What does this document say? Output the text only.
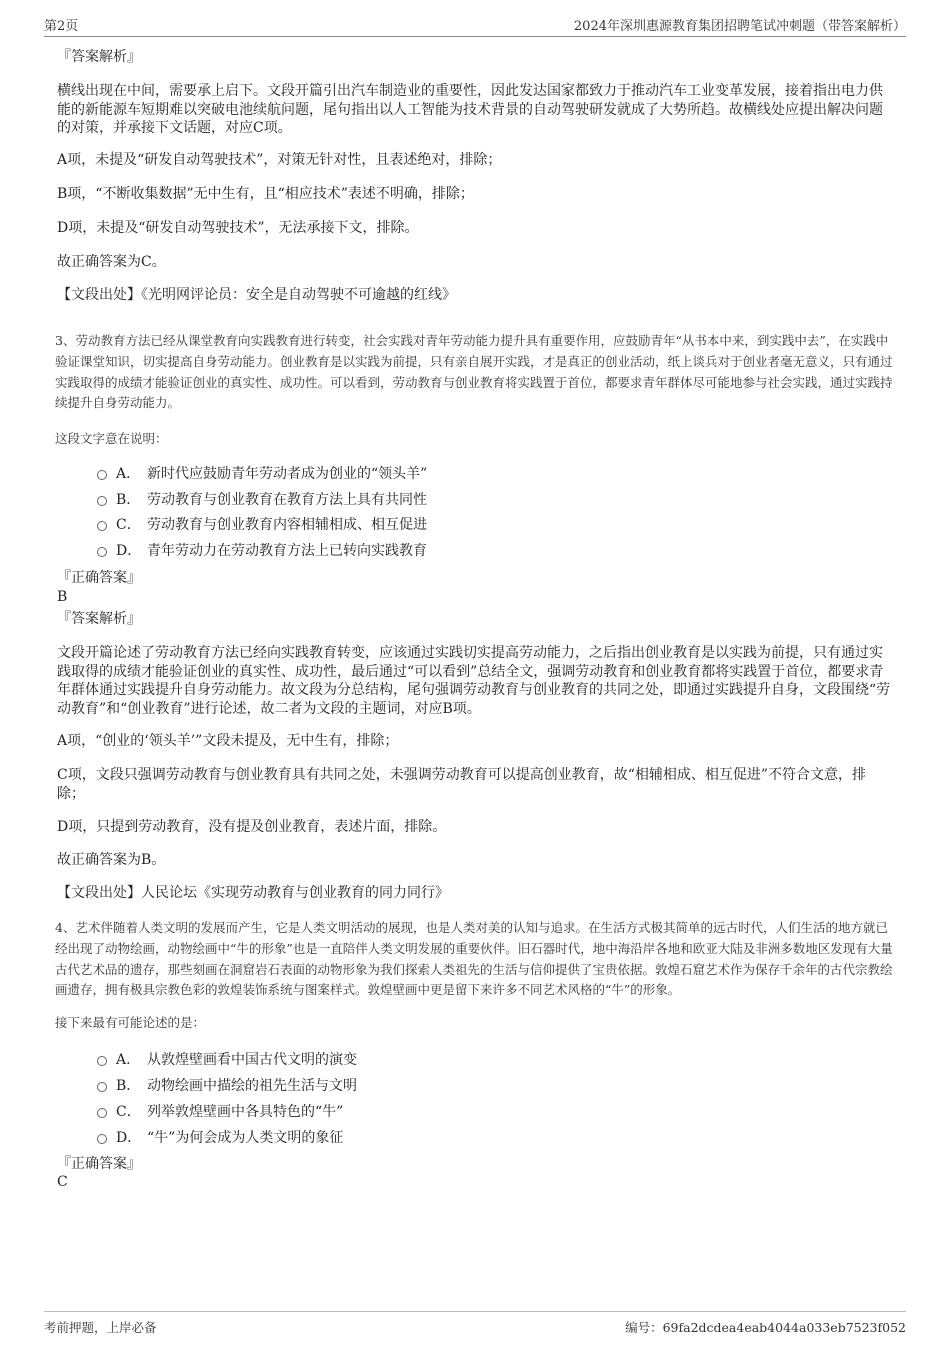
第2页	2024年深圳惠源教育集团招聘笔试冲刺题（带答案解析）
『答案解析』
横线出现在中间，需要承上启下。文段开篇引出汽车制造业的重要性，因此发达国家都致力于推动汽车工业变革发展，接着指出电力供能的新能源车短期难以突破电池续航问题，尾句指出以人工智能为技术背景的自动驾驶研发就成了大势所趋。故横线处应提出解决问题的对策，并承接下文话题，对应C项。
A项，未提及“研发自动驾驶技术”，对策无针对性，且表述绝对，排除；
B项，“不断收集数据”无中生有，且“相应技术”表述不明确，排除；
D项，未提及“研发自动驾驶技术”，无法承接下文，排除。
故正确答案为C。
【文段出处】《光明网评论员：安全是自动驾驶不可逾越的红线》
3、劳动教育方法已经从课堂教育向实践教育进行转变，社会实践对青年劳动能力提升具有重要作用，应鼓励青年“从书本中来，到实践中去”，在实践中验证课堂知识，切实提高自身劳动能力。创业教育是以实践为前提，只有亲自展开实践，才是真正的创业活动，纸上谈兵对于创业者毫无意义，只有通过实践取得的成绩才能验证创业的真实性、成功性。可以看到，劳动教育与创业教育将实践置于首位，都要求青年群体尽可能地参与社会实践，通过实践持续提升自身劳动能力。
这段文字意在说明：
A． 新时代应鼓励青年劳动者成为创业的“领头羊”
B． 劳动教育与创业教育在教育方法上具有共同性
C． 劳动教育与创业教育内容相辅相成、相互促进
D． 青年劳动力在劳动教育方法上已转向实践教育
『正确答案』
B
『答案解析』
文段开篇论述了劳动教育方法已经向实践教育转变，应该通过实践切实提高劳动能力，之后指出创业教育是以实践为前提，只有通过实践取得的成绩才能验证创业的真实性、成功性，最后通过“可以看到”总结全文，强调劳动教育和创业教育都将实践置于首位，都要求青年群体通过实践提升自身劳动能力。故文段为分总结构，尾句强调劳动教育与创业教育的共同之处，即通过实践提升自身，文段围绕“劳动教育”和“创业教育”进行论述，故二者为文段的主题词，对应B项。
A项，“创业的‘领头羊’”文段未提及，无中生有，排除；
C项，文段只强调劳动教育与创业教育具有共同之处，未强调劳动教育可以提高创业教育，故“相辅相成、相互促进”不符合文意，排除；
D项，只提到劳动教育，没有提及创业教育，表述片面，排除。
故正确答案为B。
【文段出处】人民论坛《实现劳动教育与创业教育的同力同行》
4、艺术伴随着人类文明的发展而产生，它是人类文明活动的展现，也是人类对美的认知与追求。在生活方式极其简单的远古时代，人们生活的地方就已经出现了动物绘画，动物绘画中“牛的形象”也是一直陪伴人类文明发展的重要伙伴。旧石器时代，地中海沿岸各地和欧亚大陆及非洲多数地区发现有大量古代艺术品的遗存，那些刻画在洞窟岩石表面的动物形象为我们探索人类祖先的生活与信仰提供了宝贵依据。敦煌石窟艺术作为保存千余年的古代宗教绘画遗存，拥有极具宗教色彩的敦煌装饰系统与图案样式。敦煌壁画中更是留下来许多不同艺术风格的“牛”的形象。
接下来最有可能论述的是：
A． 从敦煌壁画看中国古代文明的演变
B． 动物绘画中描绘的祖先生活与文明
C． 列举敦煌壁画中各具特色的“牛”
D． “牛”为何会成为人类文明的象征
『正确答案』
C
考前押题，上岸必备	编号：69fa2dcdea4eab4044a033eb7523f052
